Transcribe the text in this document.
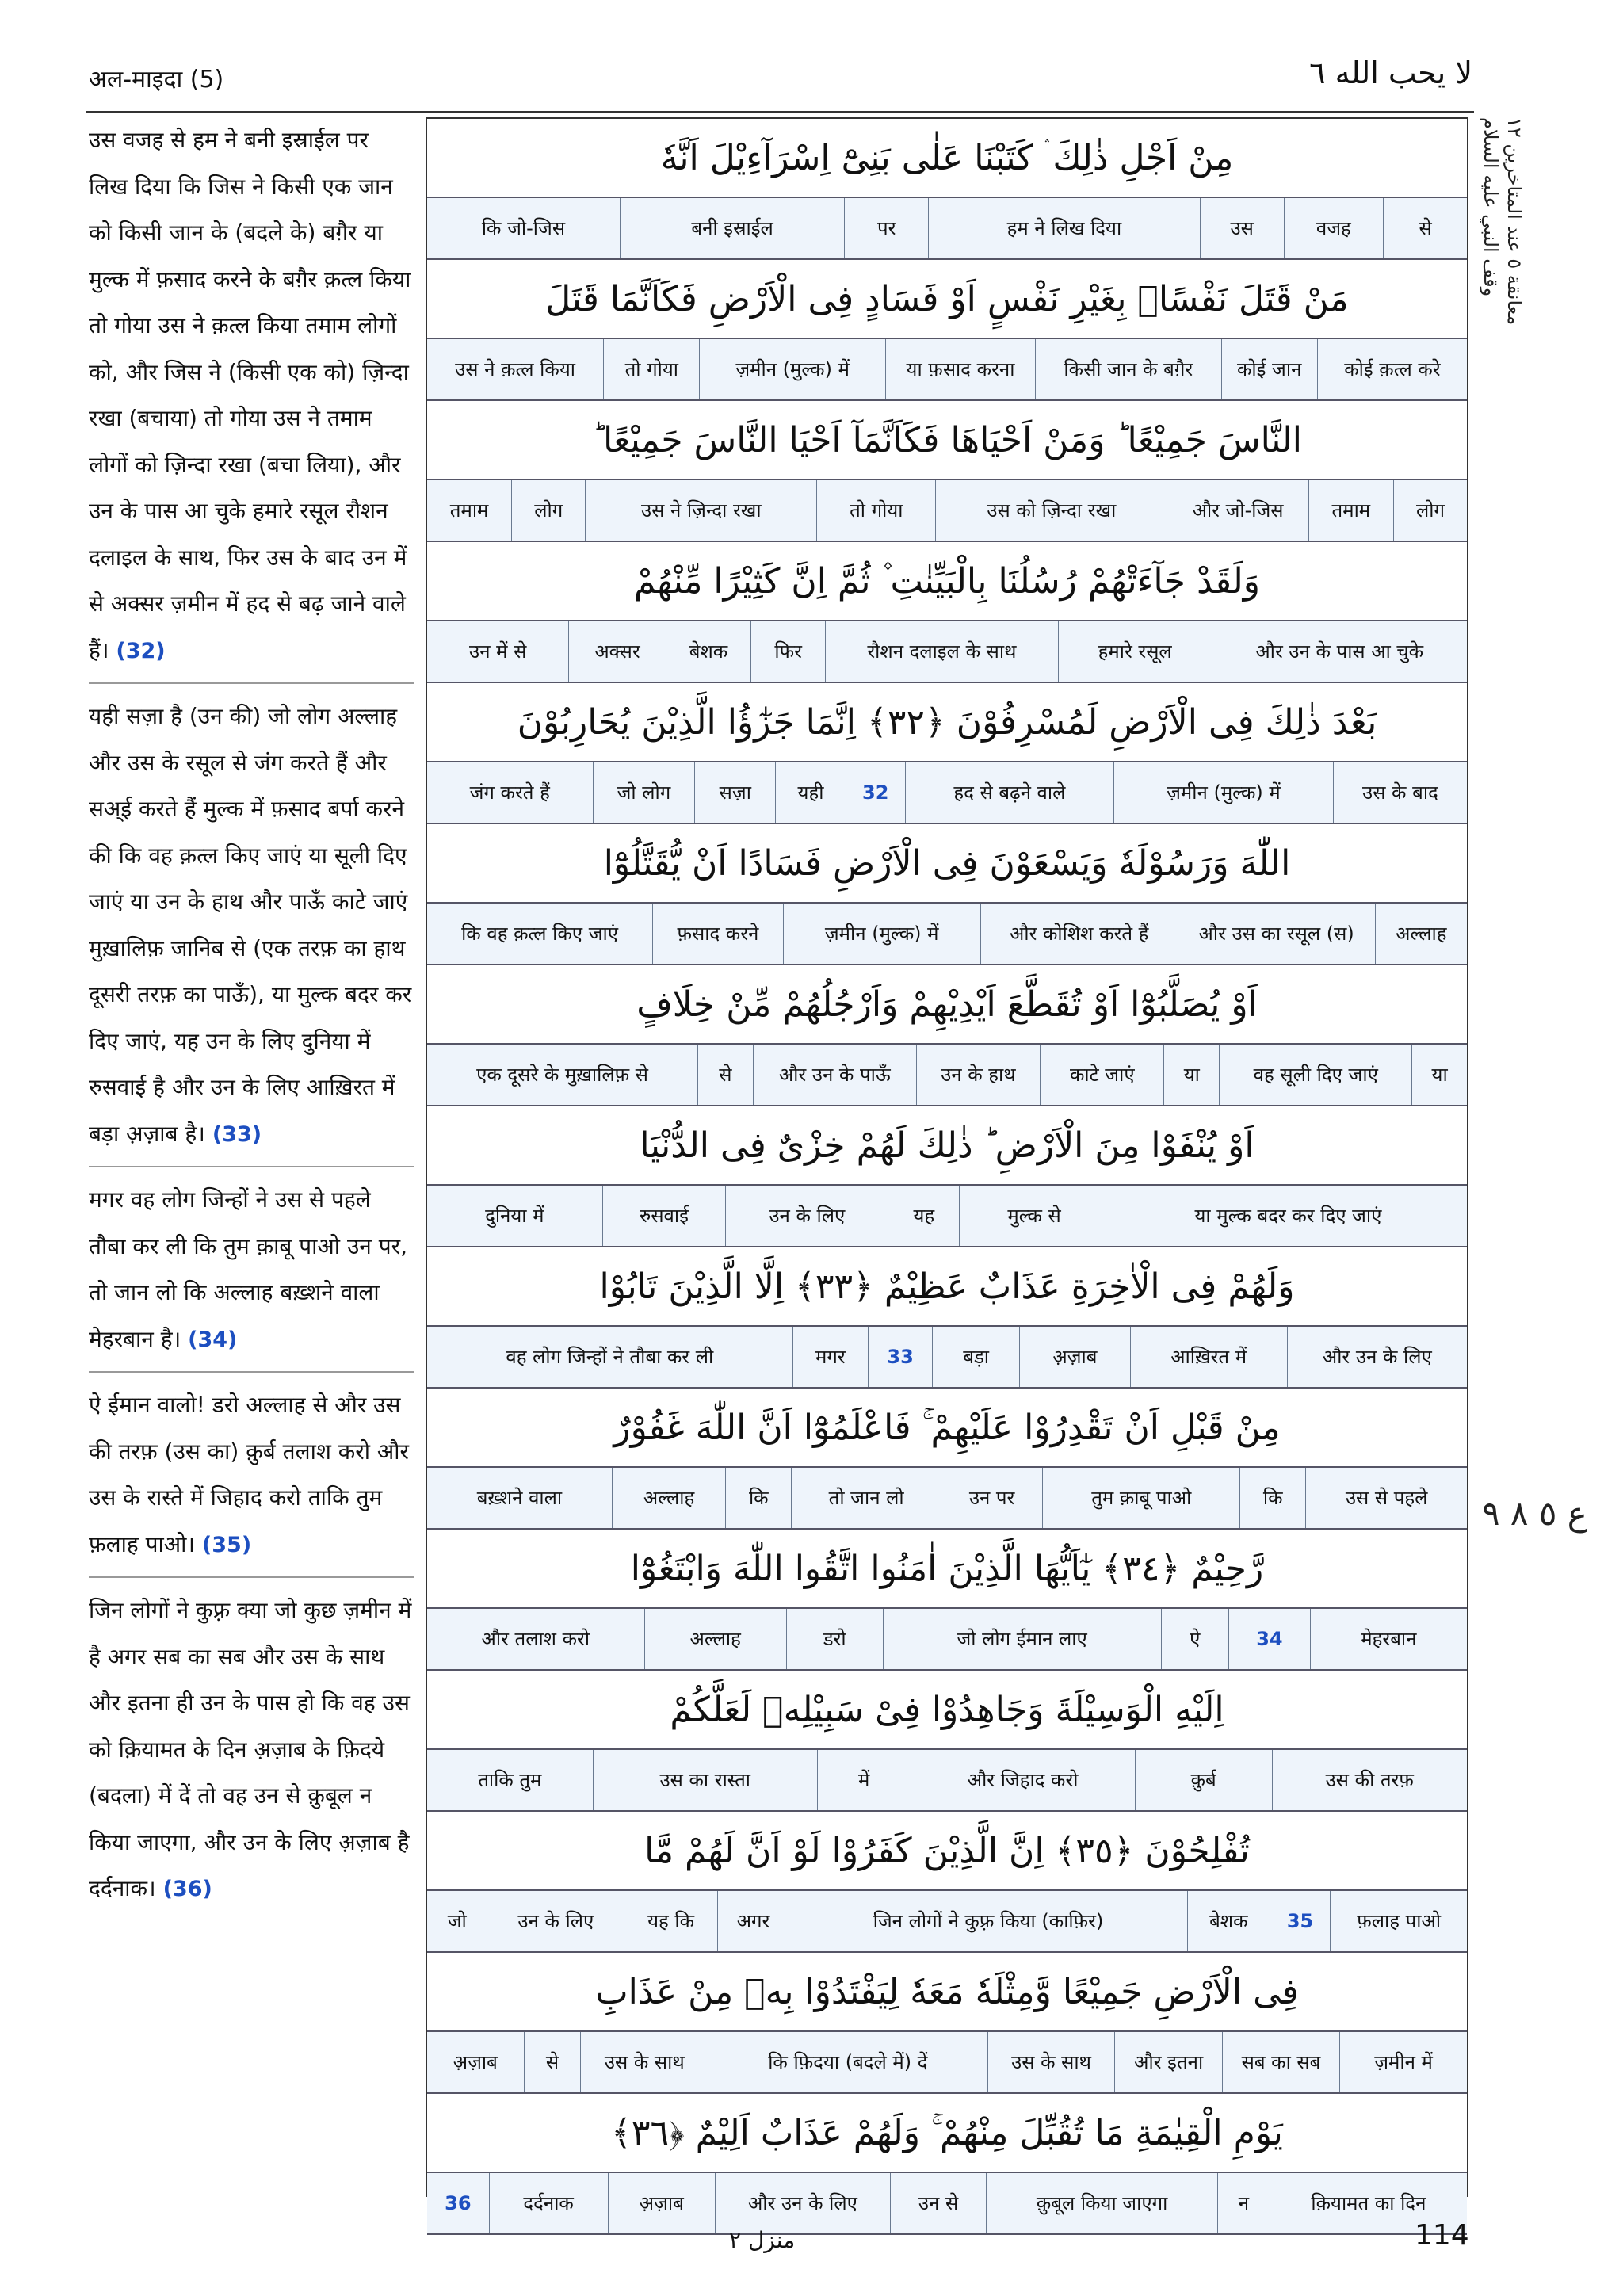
अल-माइदा (5)	لا يحب الله ٦

उस वजह से हम ने बनी इस्राईल पर लिख दिया कि जिस ने किसी एक जान को किसी जान के (बदले के) बग़ैर या मुल्क में फ़साद करने के बग़ैर क़त्ल किया तो गोया उस ने क़त्ल किया तमाम लोगों को, और जिस ने (किसी एक को) ज़िन्दा रखा (बचाया) तो गोया उस ने तमाम लोगों को ज़िन्दा रखा (बचा लिया), और उन के पास आ चुके हमारे रसूल रौशन दलाइल के साथ, फिर उस के बाद उन में से अक्सर ज़मीन में हद से बढ़ जाने वाले हैं। (32)

यही सज़ा है (उन की) जो लोग अल्लाह और उस के रसूल से जंग करते हैं और सअ्ई करते हैं मुल्क में फ़साद बर्पा करने की कि वह क़त्ल किए जाएं या सूली दिए जाएं या उन के हाथ और पाऊँ काटे जाएं मुख़ालिफ़ जानिब से (एक तरफ़ का हाथ दूसरी तरफ़ का पाऊँ), या मुल्क बदर कर दिए जाएं, यह उन के लिए दुनिया में रुसवाई है और उन के लिए आख़िरत में बड़ा अ़ज़ाब है। (33)

मगर वह लोग जिन्हों ने उस से पहले तौबा कर ली कि तुम क़ाबू पाओ उन पर, तो जान लो कि अल्लाह बख़्शने वाला मेहरबान है। (34)

ऐ ईमान वालो! डरो अल्लाह से और उस की तरफ़ (उस का) क़ुर्ब तलाश करो और उस के रास्ते में जिहाद करो ताकि तुम फ़लाह पाओ। (35)

जिन लोगों ने कुफ़्र क्या जो कुछ ज़मीन में है अगर सब का सब और उस के साथ और इतना ही उन के पास हो कि वह उस को क़ियामत के दिन अ़ज़ाब के फ़िदये (बदला) में दें तो वह उन से क़ुबूल न किया जाएगा, और उन के लिए अ़ज़ाब है दर्दनाक। (36)

مِنْ اَجْلِ ذٰلِكَ ۛ كَتَبْنَا عَلٰى بَنِىْٓ اِسْرَآءِيْلَ اَنَّهٗ
से
वजह
उस
हम ने लिख दिया
पर
बनी इस्राईल
कि जो-जिस
مَنْ قَتَلَ نَفْسًاۢ بِغَيْرِ نَفْسٍ اَوْ فَسَادٍ فِى الْاَرْضِ فَكَاَنَّمَا قَتَلَ
कोई क़त्ल करे
कोई जान
किसी जान के बग़ैर
या फ़साद करना
ज़मीन (मुल्क) में
तो गोया
उस ने क़त्ल किया
النَّاسَ جَمِيْعًا ؕ وَمَنْ اَحْيَاهَا فَكَاَنَّمَآ اَحْيَا النَّاسَ جَمِيْعًا ؕ
लोग
तमाम
और जो-जिस
उस को ज़िन्दा रखा
तो गोया
उस ने ज़िन्दा रखा
लोग
तमाम
وَلَقَدْ جَآءَتْهُمْ رُسُلُنَا بِالْبَيِّنٰتِ ۫ ثُمَّ اِنَّ كَثِيْرًا مِّنْهُمْ
और उन के पास आ चुके
हमारे रसूल
रौशन दलाइल के साथ
फिर
बेशक
अक्सर
उन में से
بَعْدَ ذٰلِكَ فِى الْاَرْضِ لَمُسْرِفُوْنَ ﴿٣٢﴾ اِنَّمَا جَزٰٓؤُا الَّذِيْنَ يُحَارِبُوْنَ
उस के बाद
ज़मीन (मुल्क) में
हद से बढ़ने वाले
32
यही
सज़ा
जो लोग
जंग करते हैं
اللّٰهَ وَرَسُوْلَهٗ وَيَسْعَوْنَ فِى الْاَرْضِ فَسَادًا اَنْ يُّقَتَّلُوْٓا
अल्लाह
और उस का रसूल (स)
और कोशिश करते हैं
ज़मीन (मुल्क) में
फ़साद करने
कि वह क़त्ल किए जाएं
اَوْ يُصَلَّبُوْٓا اَوْ تُقَطَّعَ اَيْدِيْهِمْ وَاَرْجُلُهُمْ مِّنْ خِلَافٍ
या
वह सूली दिए जाएं
या
काटे जाएं
उन के हाथ
और उन के पाऊँ
से
एक दूसरे के मुख़ालिफ़ से
اَوْ يُنْفَوْا مِنَ الْاَرْضِ ؕ ذٰلِكَ لَهُمْ خِزْىٌ فِى الدُّنْيَا
या मुल्क बदर कर दिए जाएं
मुल्क से
यह
उन के लिए
रुसवाई
दुनिया में
وَلَهُمْ فِى الْاٰخِرَةِ عَذَابٌ عَظِيْمٌ ﴿٣٣﴾ اِلَّا الَّذِيْنَ تَابُوْا
और उन के लिए
आख़िरत में
अ़ज़ाब
बड़ा
33
मगर
वह लोग जिन्हों ने तौबा कर ली
مِنْ قَبْلِ اَنْ تَقْدِرُوْا عَلَيْهِمْ ۚ فَاعْلَمُوْٓا اَنَّ اللّٰهَ غَفُوْرٌ
उस से पहले
कि
तुम क़ाबू पाओ
उन पर
तो जान लो
कि
अल्लाह
बख़्शने वाला
رَّحِيْمٌ ﴿٣٤﴾ يٰٓاَيُّهَا الَّذِيْنَ اٰمَنُوا اتَّقُوا اللّٰهَ وَابْتَغُوْٓا
मेहरबान
34
ऐ
जो लोग ईमान लाए
डरो
अल्लाह
और तलाश करो
اِلَيْهِ الْوَسِيْلَةَ وَجَاهِدُوْا فِىْ سَبِيْلِهٖ لَعَلَّكُمْ
उस की तरफ़
क़ुर्ब
और जिहाद करो
में
उस का रास्ता
ताकि तुम
تُفْلِحُوْنَ ﴿٣٥﴾ اِنَّ الَّذِيْنَ كَفَرُوْا لَوْ اَنَّ لَهُمْ مَّا
फ़लाह पाओ
35
बेशक
जिन लोगों ने कुफ़्र किया (काफ़िर)
अगर
यह कि
उन के लिए
जो
فِى الْاَرْضِ جَمِيْعًا وَّمِثْلَهٗ مَعَهٗ لِيَفْتَدُوْا بِهٖ مِنْ عَذَابِ
ज़मीन में
सब का सब
और इतना
उस के साथ
कि फ़िदया (बदले में) दें
उस के साथ
से
अ़ज़ाब
يَوْمِ الْقِيٰمَةِ مَا تُقُبِّلَ مِنْهُمْ ۚ وَلَهُمْ عَذَابٌ اَلِيْمٌ ﴿٣٦﴾
क़ियामत का दिन
न
क़ुबूल किया जाएगा
उन से
और उन के लिए
अ़ज़ाब
दर्दनाक
36
معانقة ٥ عند المتاخرين ١٢ وقف النبي عليه السلام
ع ٥ ٨ ٩
منزل ٢	114
